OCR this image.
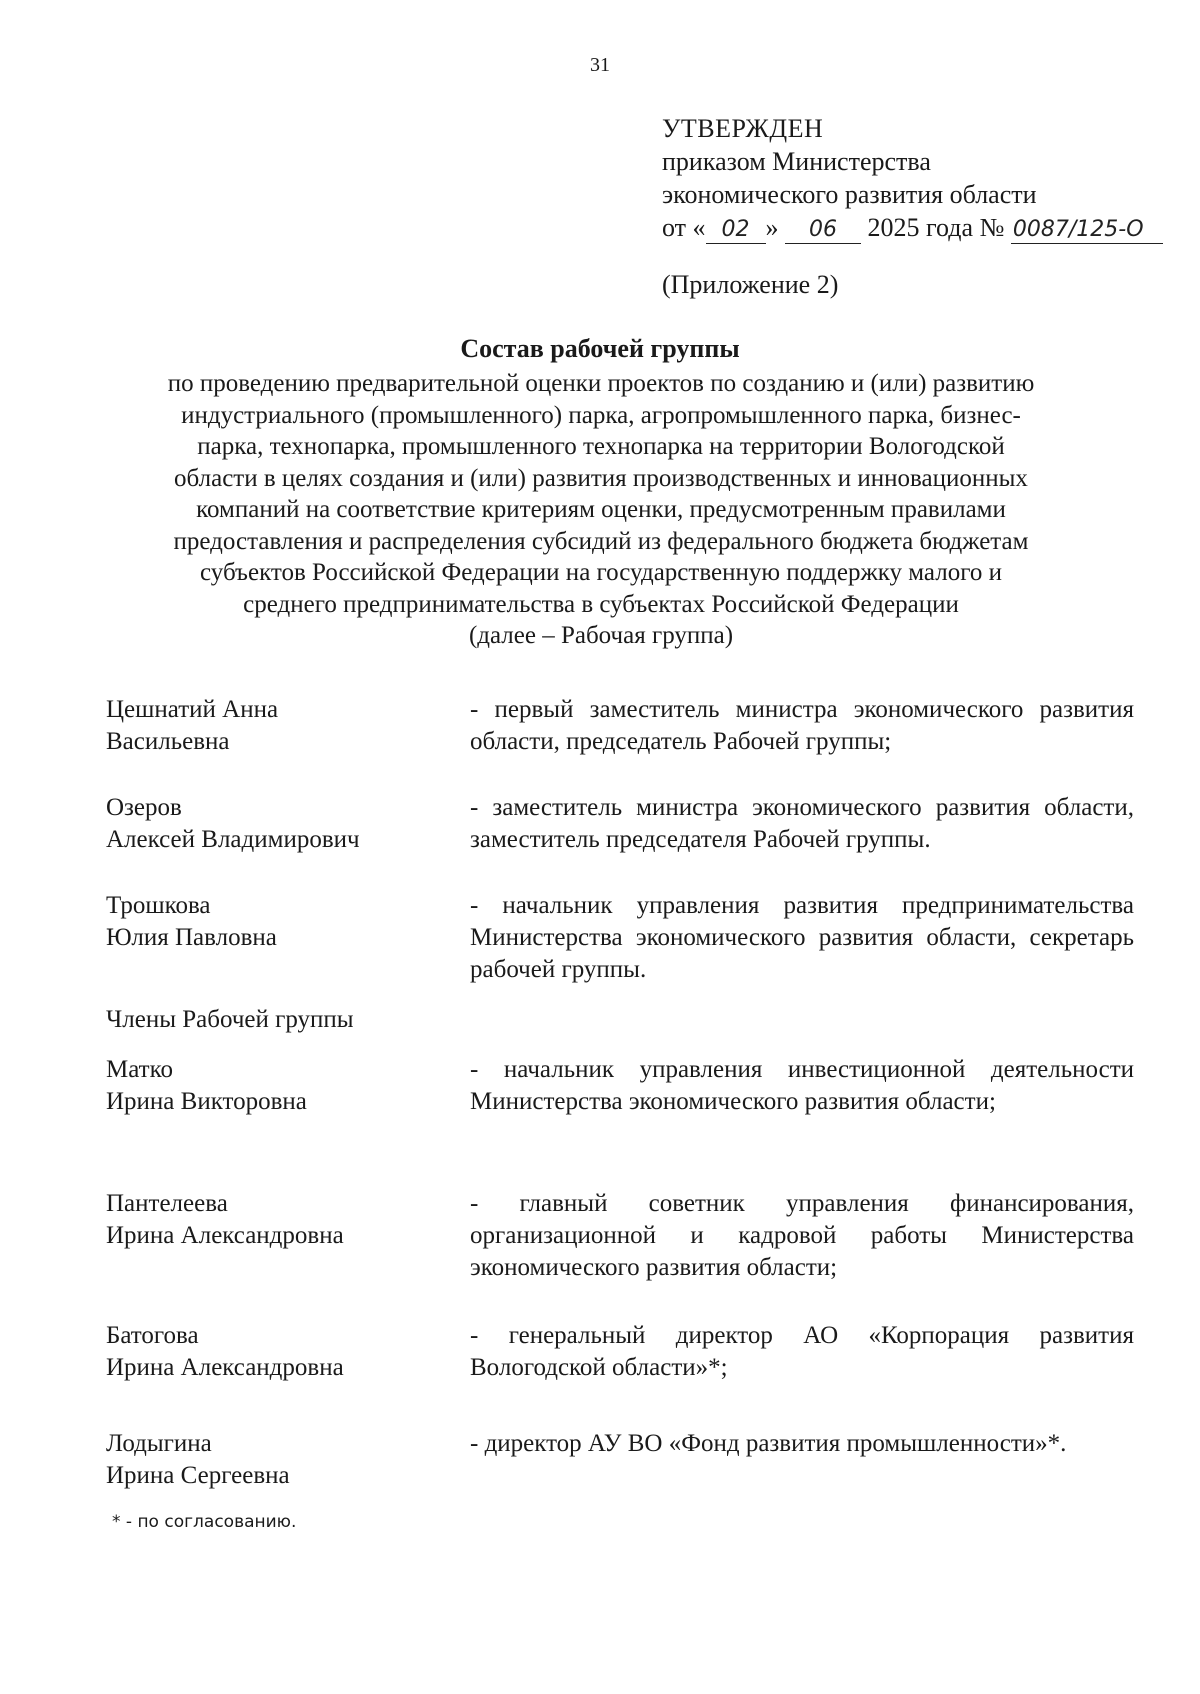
31
УТВЕРЖДЕН
приказом Министерства
экономического развития области
от « 02 » 06 2025 года № 0087/125-О
(Приложение 2)
Состав рабочей группы
по проведению предварительной оценки проектов по созданию и (или) развитию
индустриального (промышленного) парка, агропромышленного парка, бизнес-
парка, технопарка, промышленного технопарка на территории Вологодской
области в целях создания и (или) развития производственных и инновационных
компаний на соответствие критериям оценки, предусмотренным правилами
предоставления и распределения субсидий из федерального бюджета бюджетам
субъектов Российской Федерации на государственную поддержку малого и
среднего предпринимательства в субъектах Российской Федерации
(далее – Рабочая группа)
Цешнатий Анна
Васильевна
- первый заместитель министра экономического развития области, председатель Рабочей группы;
Озеров
Алексей Владимирович
- заместитель министра экономического развития области, заместитель председателя Рабочей группы.
Трошкова
Юлия Павловна
- начальник управления развития предпринимательства Министерства экономического развития области, секретарь рабочей группы.
Члены Рабочей группы
Матко
Ирина Викторовна
- начальник управления инвестиционной деятельности Министерства экономического развития области;
Пантелеева
Ирина Александровна
- главный советник управления финансирования, организационной и кадровой работы Министерства экономического развития области;
Батогова
Ирина Александровна
- генеральный директор АО «Корпорация развития Вологодской области»*;
Лодыгина
Ирина Сергеевна
- директор АУ ВО «Фонд развития промышленности»*.
* - по согласованию.
